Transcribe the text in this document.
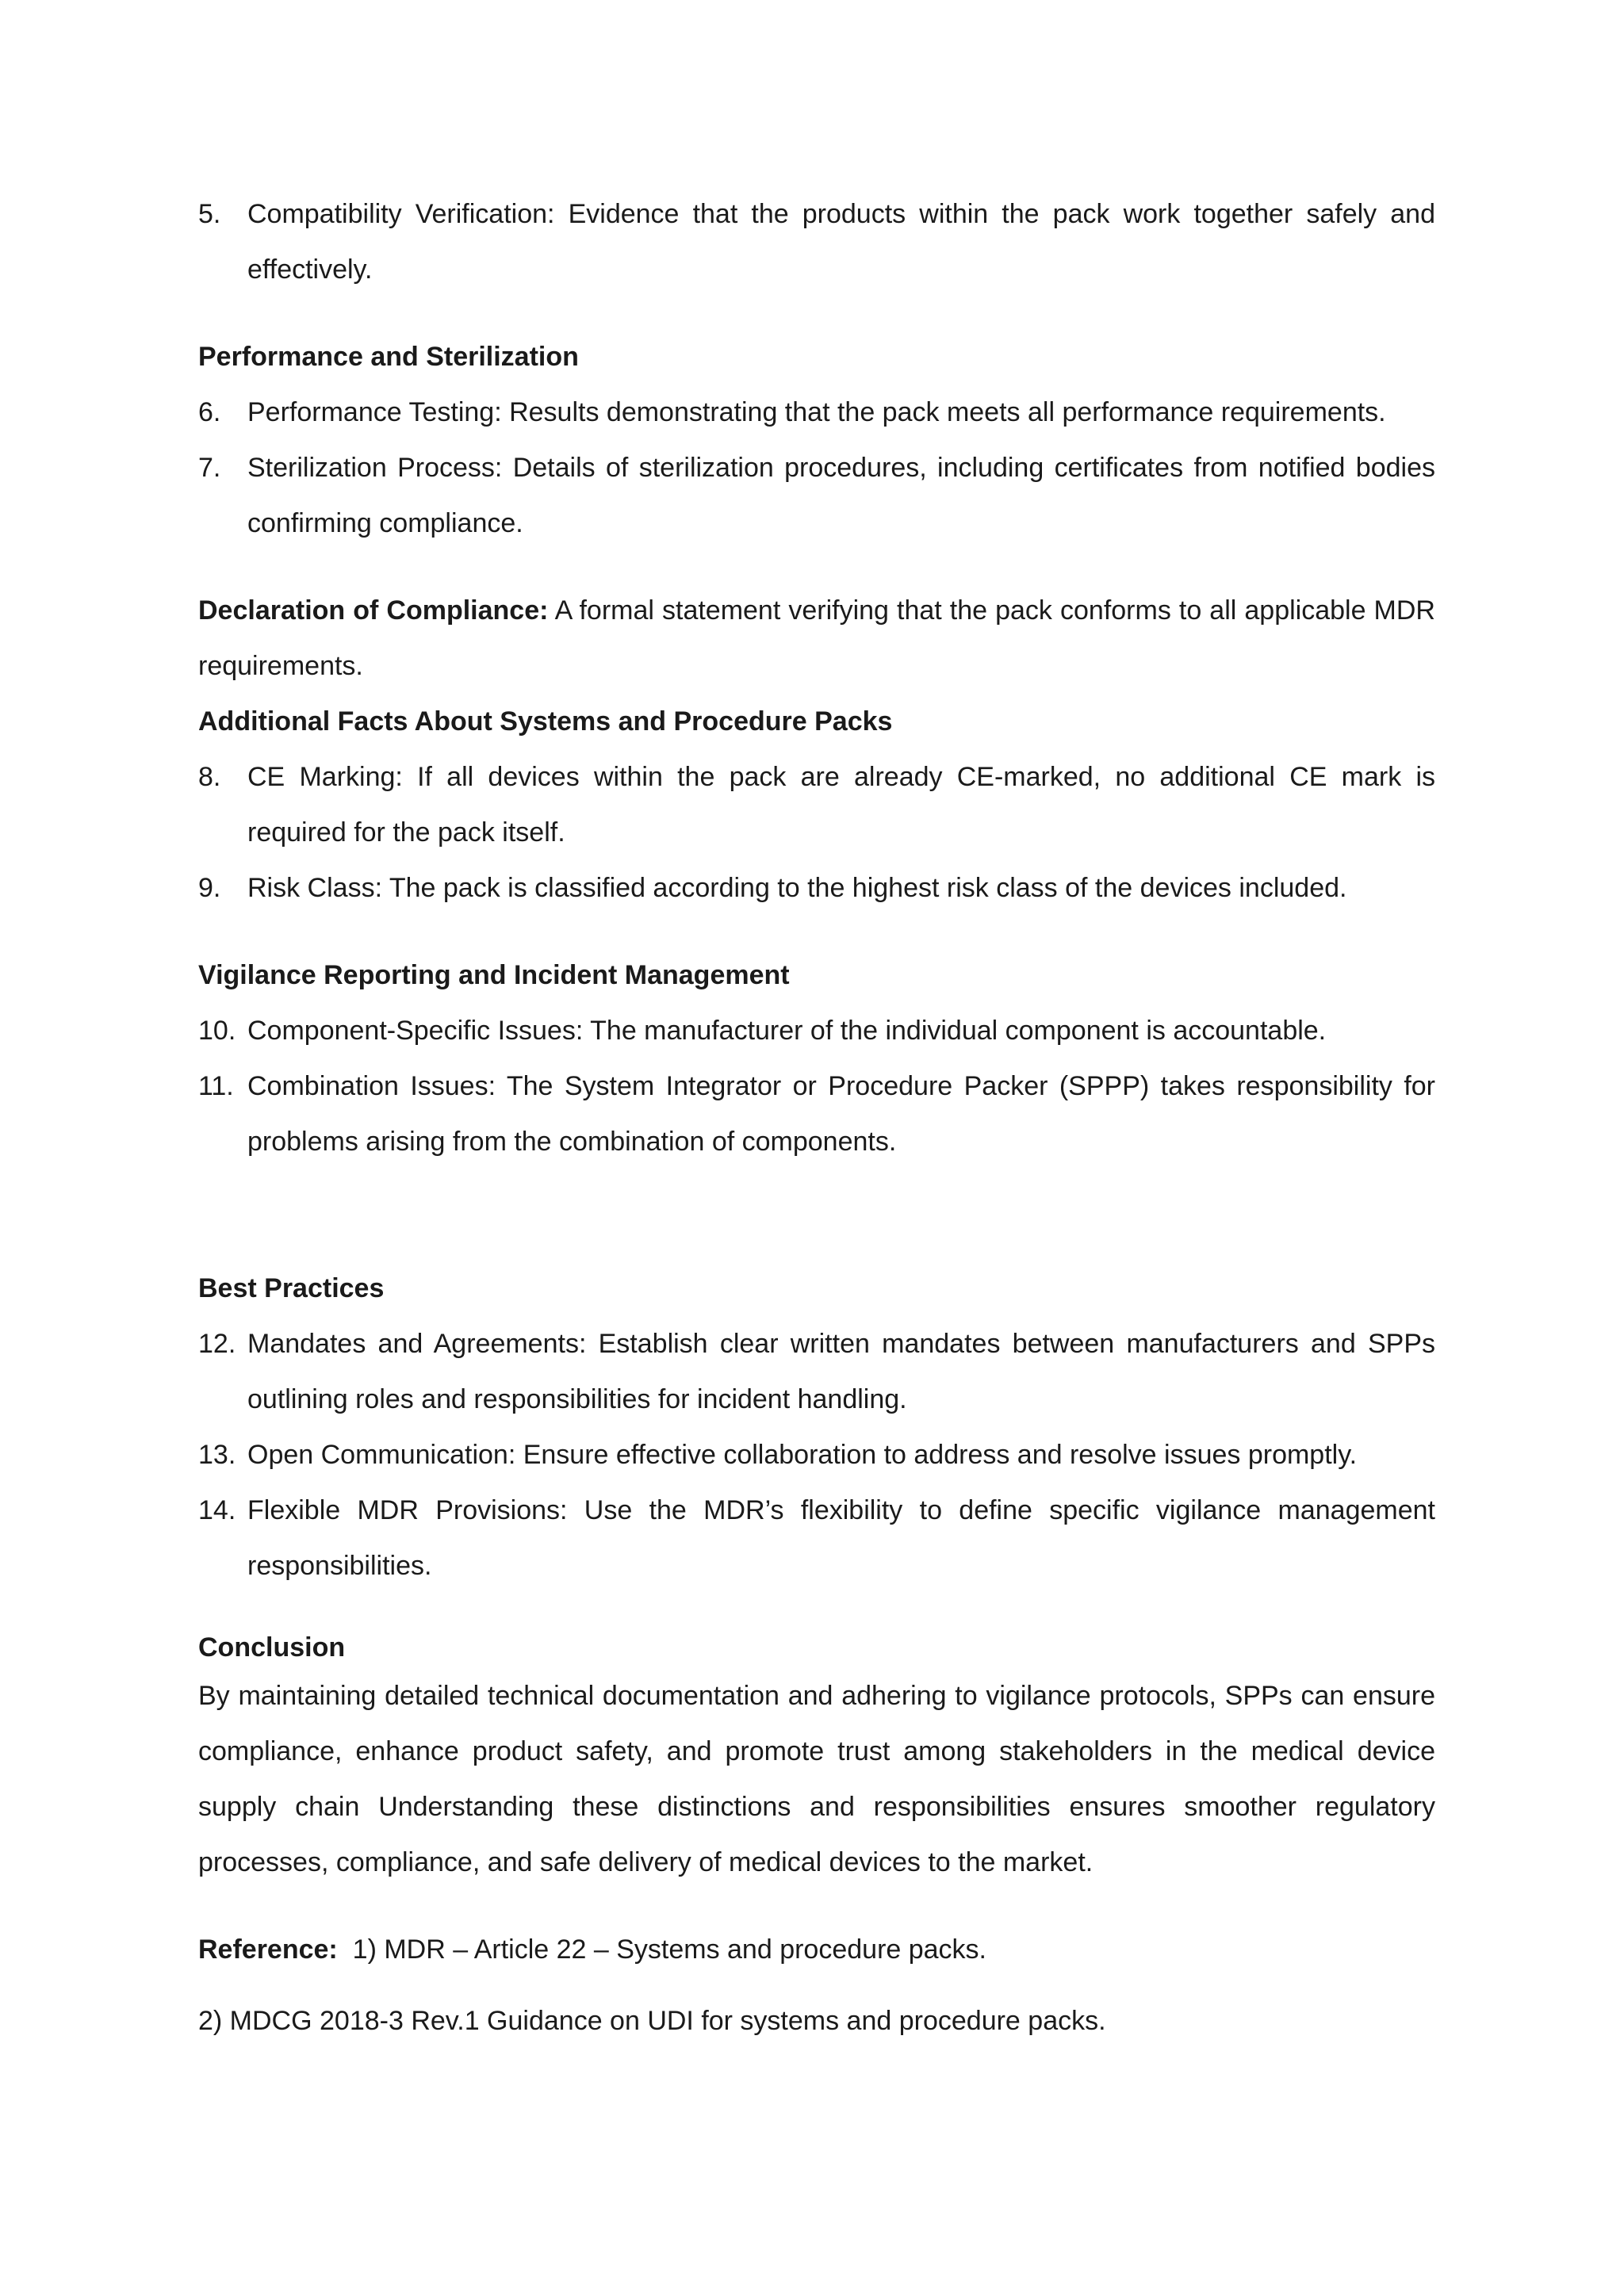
5. Compatibility Verification: Evidence that the products within the pack work together safely and effectively.
Performance and Sterilization
6. Performance Testing: Results demonstrating that the pack meets all performance requirements.
7. Sterilization Process: Details of sterilization procedures, including certificates from notified bodies confirming compliance.
Declaration of Compliance: A formal statement verifying that the pack conforms to all applicable MDR requirements.
Additional Facts About Systems and Procedure Packs
8. CE Marking: If all devices within the pack are already CE-marked, no additional CE mark is required for the pack itself.
9. Risk Class: The pack is classified according to the highest risk class of the devices included.
Vigilance Reporting and Incident Management
10. Component-Specific Issues: The manufacturer of the individual component is accountable.
11. Combination Issues: The System Integrator or Procedure Packer (SPPP) takes responsibility for problems arising from the combination of components.
Best Practices
12. Mandates and Agreements: Establish clear written mandates between manufacturers and SPPs outlining roles and responsibilities for incident handling.
13. Open Communication: Ensure effective collaboration to address and resolve issues promptly.
14. Flexible MDR Provisions: Use the MDR’s flexibility to define specific vigilance management responsibilities.
Conclusion
By maintaining detailed technical documentation and adhering to vigilance protocols, SPPs can ensure compliance, enhance product safety, and promote trust among stakeholders in the medical device supply chain Understanding these distinctions and responsibilities ensures smoother regulatory processes, compliance, and safe delivery of medical devices to the market.
Reference: 1) MDR – Article 22 – Systems and procedure packs.
2) MDCG 2018-3 Rev.1 Guidance on UDI for systems and procedure packs.
